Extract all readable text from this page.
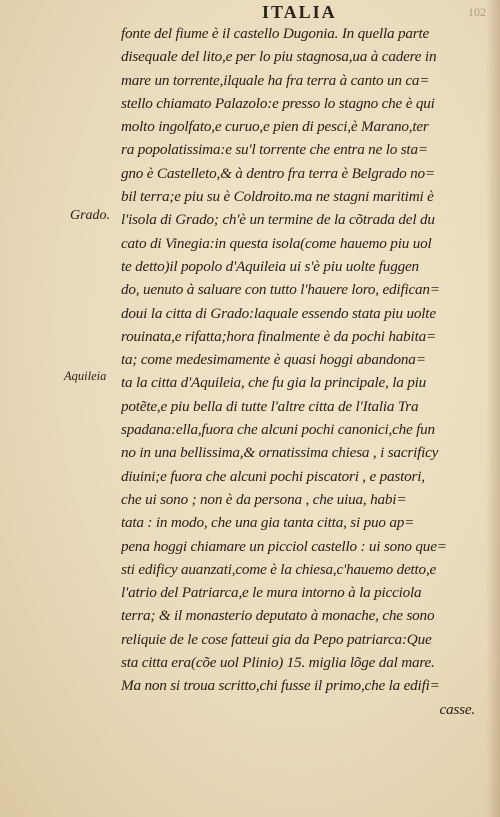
ITALIA	102
Grado.
Aquileia
fonte del fiume è il castello Dugonia. In quella parte
disequale del lito,e per lo piu stagnosa,ua à cadere in
mare un torrente,ilquale ha fra terra à canto un ca=
stello chiamato Palazolo:e presso lo stagno che è qui
molto ingolfato,e curuo,e pien di pesci,è Marano,ter
ra popolatissima:e su'l torrente che entra ne lo sta=
gno è Castelleto,& à dentro fra terra è Belgrado no=
bil terra;e piu su è Coldroito.ma ne stagni maritimi è
l'isola di Grado; ch'è un termine de la cõtrada del du
cato di Vinegia:in questa isola(come hauemo piu uol
te detto)il popolo d'Aquileia ui s'è piu uolte fuggen
do, uenuto à saluare con tutto l'hauere loro, edifican=
doui la citta di Grado:laquale essendo stata piu uolte
rouinata,e rifatta;hora finalmente è da pochi habita=
ta; come medesimamente è quasi hoggi abandona=
ta la citta d'Aquileia, che fu gia la principale, la piu
potẽte,e piu bella di tutte l'altre citta de l'Italia Tra
spadana:ella,fuora che alcuni pochi canonici,che fun
no in una bellissima,& ornatissima chiesa , i sacrificy
diuini;e fuora che alcuni pochi piscatori , e pastori,
che ui sono ; non è da persona , che uiua, habi=
tata : in modo, che una gia tanta citta, si puo ap=
pena hoggi chiamare un picciol castello : ui sono que=
sti edificy auanzati,come è la chiesa,c'hauemo detto,e
l'atrio del Patriarca,e le mura intorno à la picciola
terra; & il monasterio deputato à monache, che sono
reliquie de le cose fatteui gia da Pepo patriarca:Que
sta citta era(cõe uol Plinio) 15. miglia lõge dal mare.
Ma non si troua scritto,chi fusse il primo,che la edifi=
casse.
